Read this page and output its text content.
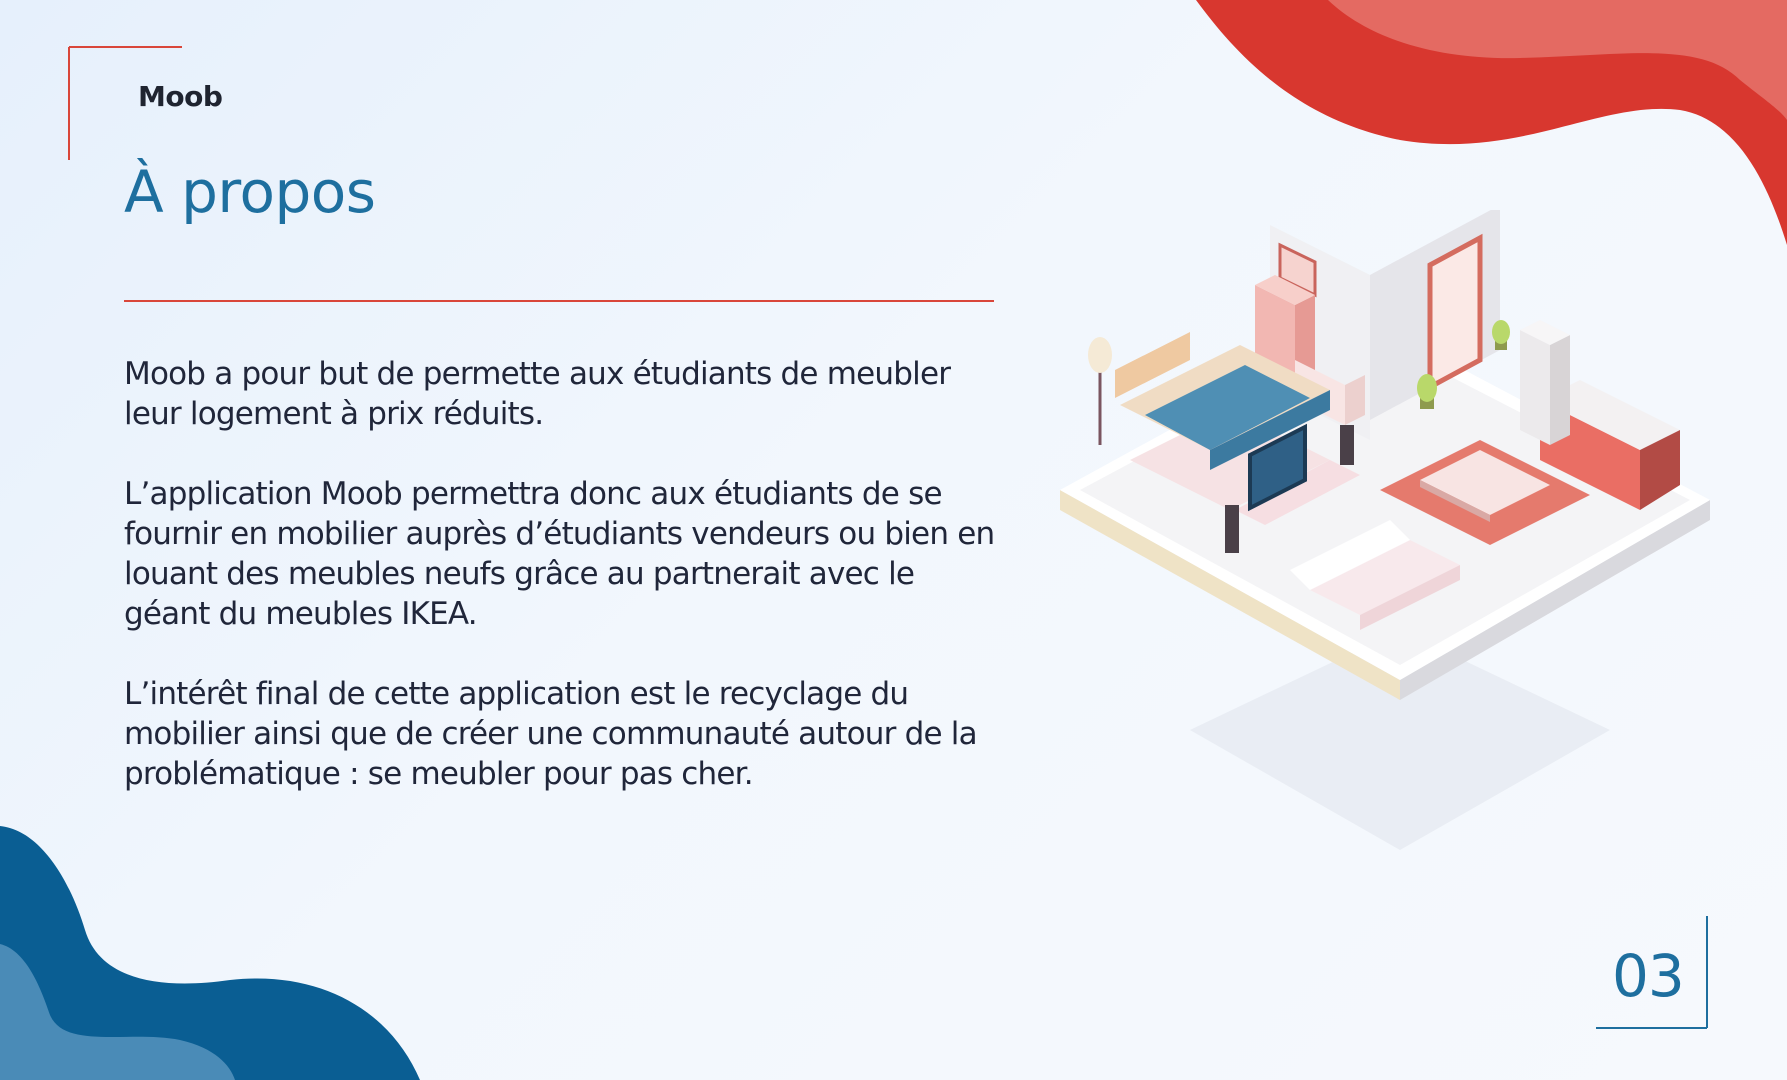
Moob
À propos

Moob a pour but de permette aux étudiants de meubler leur logement à prix réduits.

L’application Moob permettra donc aux étudiants de se fournir en mobilier auprès d’étudiants vendeurs ou bien en louant des meubles neufs grâce au partnerait avec le géant du meubles IKEA.

L’intérêt final de cette application est le recyclage du mobilier ainsi que de créer une communauté autour de la problématique : se meubler pour pas cher.

03
